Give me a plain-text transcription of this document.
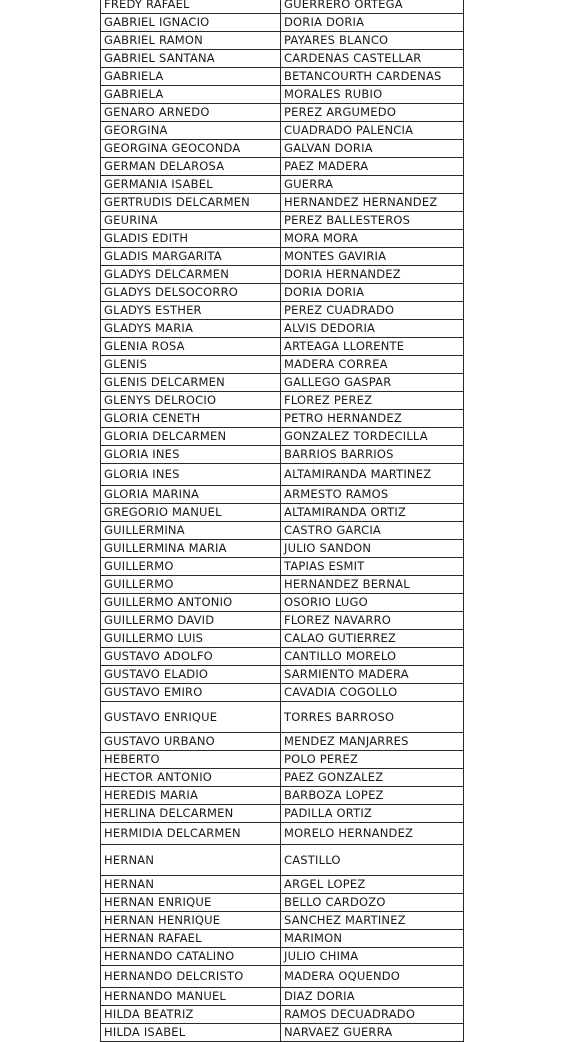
FREDY RAFAEL	GUERRERO ORTEGA
GABRIEL IGNACIO	DORIA DORIA
GABRIEL RAMON	PAYARES BLANCO
GABRIEL SANTANA	CARDENAS CASTELLAR
GABRIELA	BETANCOURTH CARDENAS
GABRIELA	MORALES RUBIO
GENARO ARNEDO	PEREZ ARGUMEDO
GEORGINA	CUADRADO PALENCIA
GEORGINA GEOCONDA	GALVAN DORIA
GERMAN DELAROSA	PAEZ MADERA
GERMANIA ISABEL	GUERRA
GERTRUDIS DELCARMEN	HERNANDEZ HERNANDEZ
GEURINA	PEREZ BALLESTEROS
GLADIS EDITH	MORA MORA
GLADIS MARGARITA	MONTES GAVIRIA
GLADYS DELCARMEN	DORIA HERNANDEZ
GLADYS DELSOCORRO	DORIA DORIA
GLADYS ESTHER	PEREZ CUADRADO
GLADYS MARIA	ALVIS DEDORIA
GLENIA ROSA	ARTEAGA LLORENTE
GLENIS	MADERA CORREA
GLENIS DELCARMEN	GALLEGO GASPAR
GLENYS DELROCIO	FLOREZ PEREZ
GLORIA CENETH	PETRO HERNANDEZ
GLORIA DELCARMEN	GONZALEZ TORDECILLA
GLORIA INES	BARRIOS BARRIOS
GLORIA INES	ALTAMIRANDA MARTINEZ
GLORIA MARINA	ARMESTO RAMOS
GREGORIO MANUEL	ALTAMIRANDA ORTIZ
GUILLERMINA	CASTRO GARCIA
GUILLERMINA MARIA	JULIO SANDON
GUILLERMO	TAPIAS ESMIT
GUILLERMO	HERNANDEZ BERNAL
GUILLERMO ANTONIO	OSORIO LUGO
GUILLERMO DAVID	FLOREZ NAVARRO
GUILLERMO LUIS	CALAO GUTIERREZ
GUSTAVO ADOLFO	CANTILLO MORELO
GUSTAVO ELADIO	SARMIENTO MADERA
GUSTAVO EMIRO	CAVADIA COGOLLO
GUSTAVO ENRIQUE	TORRES BARROSO
GUSTAVO URBANO	MENDEZ MANJARRES
HEBERTO	POLO PEREZ
HECTOR ANTONIO	PAEZ GONZALEZ
HEREDIS MARIA	BARBOZA LOPEZ
HERLINA DELCARMEN	PADILLA ORTIZ
HERMIDIA DELCARMEN	MORELO HERNANDEZ
HERNAN	CASTILLO
HERNAN	ARGEL LOPEZ
HERNAN ENRIQUE	BELLO CARDOZO
HERNAN HENRIQUE	SANCHEZ MARTINEZ
HERNAN RAFAEL	MARIMON
HERNANDO CATALINO	JULIO CHIMA
HERNANDO DELCRISTO	MADERA OQUENDO
HERNANDO MANUEL	DIAZ DORIA
HILDA BEATRIZ	RAMOS DECUADRADO
HILDA ISABEL	NARVAEZ GUERRA
